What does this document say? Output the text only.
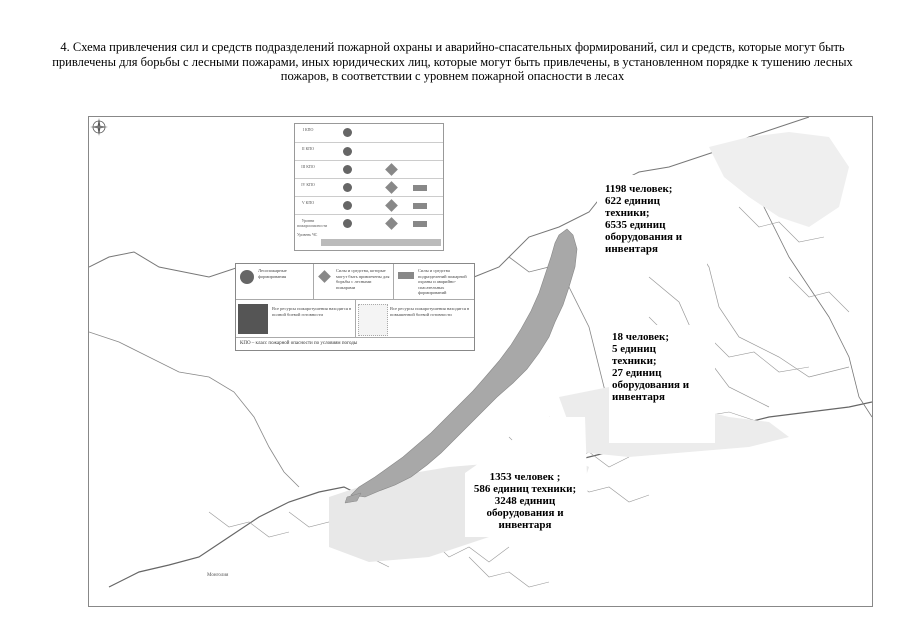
4. Схема привлечения сил и средств подразделений пожарной охраны и аварийно-спасательных формирований, сил и средств, которые могут быть привлечены для борьбы с лесными пожарами, иных юридических лиц, которые могут быть привлечены, в установленном порядке к тушению лесных пожаров, в соответствии с уровнем пожарной опасности в лесах
1198 человек;
622 единиц
техники;
6535 единиц
оборудования и
инвентаря
18 человек;
5 единиц
техники;
27 единиц
оборудования и
инвентаря
1353 человек ;
586 единиц техники;
3248 единиц
оборудования и
инвентаря
I КПО
II КПО
III КПО
IV КПО
V КПО
Уровни пожароопасности
Уровень ЧС
Лесопожарные формирования
Силы и средства, которые могут быть привлечены для борьбы с лесными пожарами
Силы и средства подразделений пожарной охраны и аварийно-спасательных формирований
Все ресурсы пожаротушения находятся в полной боевой готовности
Все ресурсы пожаротушения находятся в повышенной боевой готовности
КПО – класс пожарной опасности по условиям погоды
Монголия
